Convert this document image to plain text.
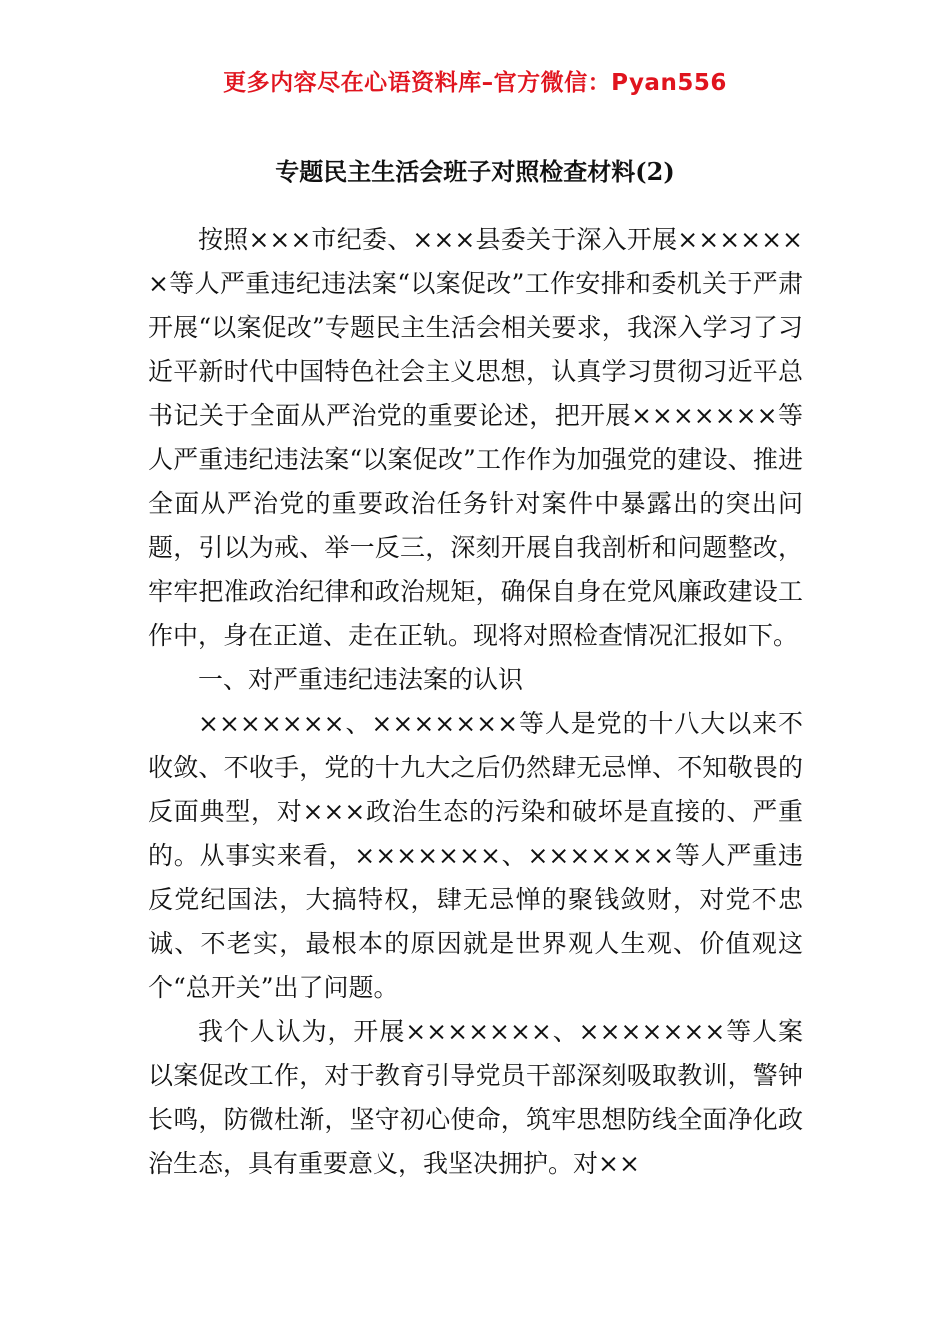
更多内容尽在心语资料库–官方微信：Pyan556
专题民主生活会班子对照检查材料(2)

按照×××市纪委、×××县委关于深入开展×××××××等人严重违纪违法案“以案促改”工作安排和委机关于严肃开展“以案促改”专题民主生活会相关要求，我深入学习了习近平新时代中国特色社会主义思想，认真学习贯彻习近平总书记关于全面从严治党的重要论述，把开展×××××××等人严重违纪违法案“以案促改”工作作为加强党的建设、推进全面从严治党的重要政治任务针对案件中暴露出的突出问题，引以为戒、举一反三，深刻开展自我剖析和问题整改，牢牢把准政治纪律和政治规矩，确保自身在党风廉政建设工作中，身在正道、走在正轨。现将对照检查情况汇报如下。

一、对严重违纪违法案的认识

×××××××、×××××××等人是党的十八大以来不收敛、不收手，党的十九大之后仍然肆无忌惮、不知敬畏的反面典型，对×××政治生态的污染和破坏是直接的、严重的。从事实来看，×××××××、×××××××等人严重违反党纪国法，大搞特权，肆无忌惮的聚钱敛财，对党不忠诚、不老实，最根本的原因就是世界观人生观、价值观这个“总开关”出了问题。

我个人认为，开展×××××××、×××××××等人案以案促改工作，对于教育引导党员干部深刻吸取教训，警钟长鸣，防微杜渐，坚守初心使命，筑牢思想防线全面净化政治生态，具有重要意义，我坚决拥护。对××
